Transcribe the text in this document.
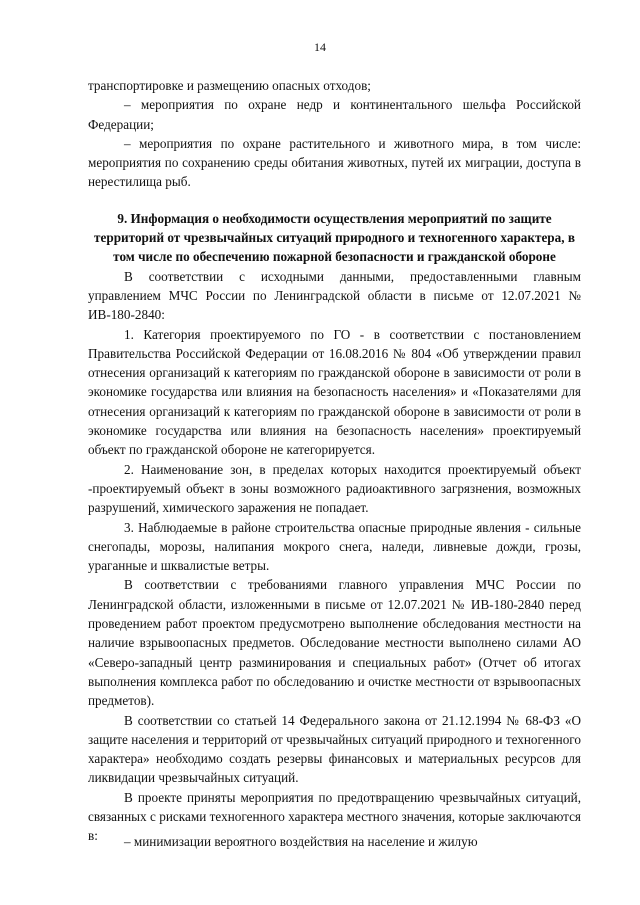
14

транспортировке и размещению опасных отходов;

– мероприятия по охране недр и континентального шельфа Российской Федерации;

– мероприятия по охране растительного и животного мира, в том числе: мероприятия по сохранению среды обитания животных, путей их миграции, доступа в нерестилища рыб.

9. Информация о необходимости осуществления мероприятий по защите территорий от чрезвычайных ситуаций природного и техногенного характера, в том числе по обеспечению пожарной безопасности и гражданской обороне

В соответствии с исходными данными, предоставленными главным управлением МЧС России по Ленинградской области в письме от 12.07.2021 № ИВ-180-2840:

1. Категория проектируемого по ГО - в соответствии с постановлением Правительства Российской Федерации от 16.08.2016 № 804 «Об утверждении правил отнесения организаций к категориям по гражданской обороне в зависимости от роли в экономике государства или влияния на безопасность населения» и «Показателями для отнесения организаций к категориям по гражданской обороне в зависимости от роли в экономике государства или влияния на безопасность населения» проектируемый объект по гражданской обороне не категорируется.

2. Наименование зон, в пределах которых находится проектируемый объект -проектируемый объект в зоны возможного радиоактивного загрязнения, возможных разрушений, химического заражения не попадает.

3. Наблюдаемые в районе строительства опасные природные явления - сильные снегопады, морозы, налипания мокрого снега, наледи, ливневые дожди, грозы, ураганные и шквалистые ветры.

В соответствии с требованиями главного управления МЧС России по Ленинградской области, изложенными в письме от 12.07.2021 № ИВ-180-2840 перед проведением работ проектом предусмотрено выполнение обследования местности на наличие взрывоопасных предметов. Обследование местности выполнено силами АО «Северо-западный центр разминирования и специальных работ» (Отчет об итогах выполнения комплекса работ по обследованию и очистке местности от взрывоопасных предметов).

В соответствии со статьей 14 Федерального закона от 21.12.1994 № 68-ФЗ «О защите населения и территорий от чрезвычайных ситуаций природного и техногенного характера» необходимо создать резервы финансовых и материальных ресурсов для ликвидации чрезвычайных ситуаций.

В проекте приняты мероприятия по предотвращению чрезвычайных ситуаций, связанных с рисками техногенного характера местного значения, которые заключаются в:	– минимизации вероятного воздействия на население и жилую
